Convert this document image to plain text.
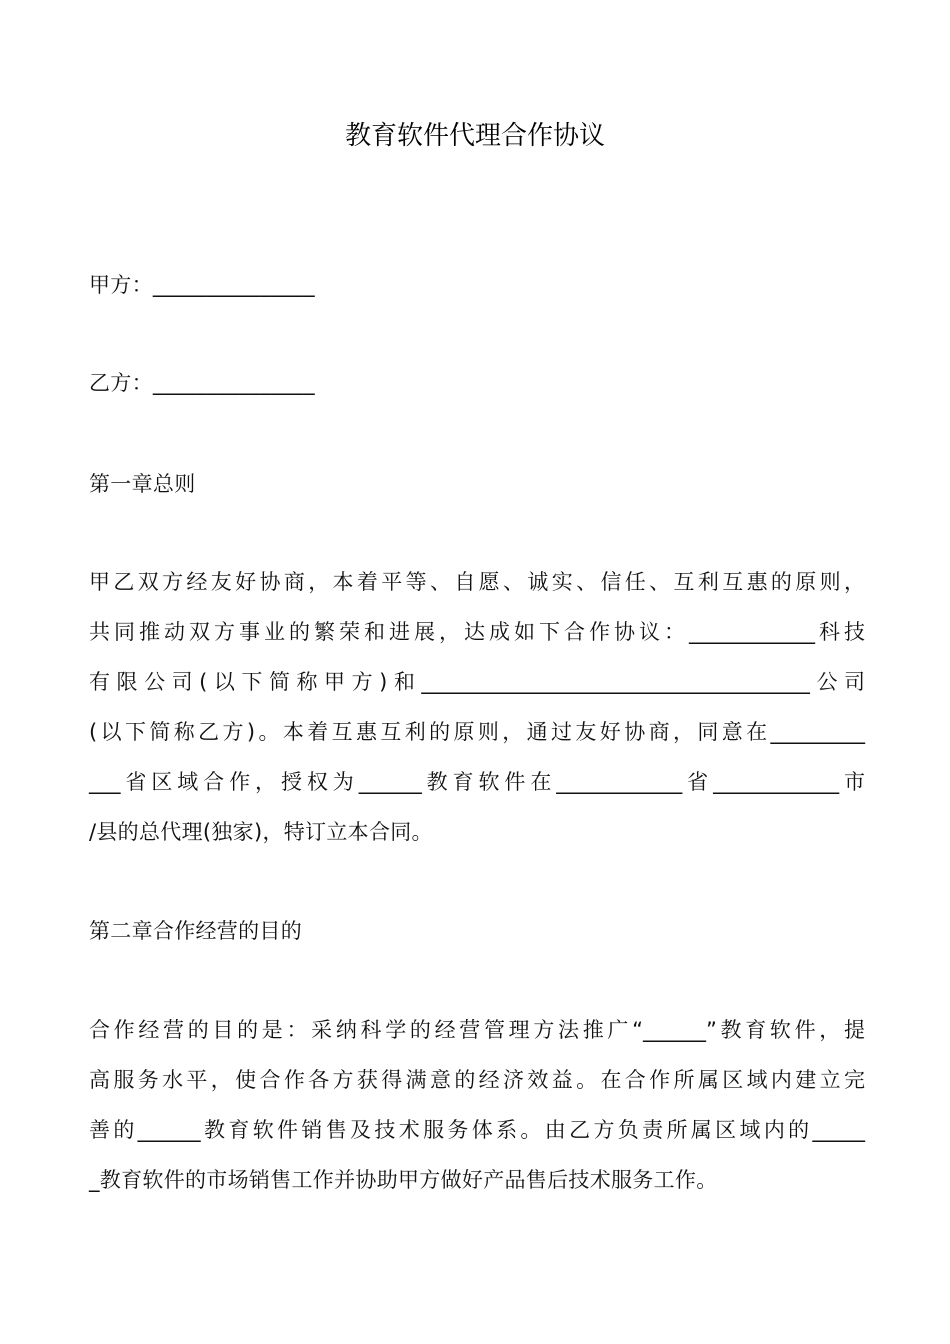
教育软件代理合作协议
甲方：_______________
乙方：_______________
第一章总则
甲乙双方经友好协商，本着平等、自愿、诚实、信任、互利互惠的原则，
共同推动双方事业的繁荣和进展，达成如下合作协议：____________科技
有限公司(以下简称甲方)和_____________________________________公司
(以下简称乙方)。本着互惠互利的原则，通过友好协商，同意在_________
___省区域合作，授权为______教育软件在____________省____________市
/县的总代理(独家)，特订立本合同。
第二章合作经营的目的
合作经营的目的是：采纳科学的经营管理方法推广“______”教育软件，提
高服务水平，使合作各方获得满意的经济效益。在合作所属区域内建立完
善的______教育软件销售及技术服务体系。由乙方负责所属区域内的_____
_教育软件的市场销售工作并协助甲方做好产品售后技术服务工作。
